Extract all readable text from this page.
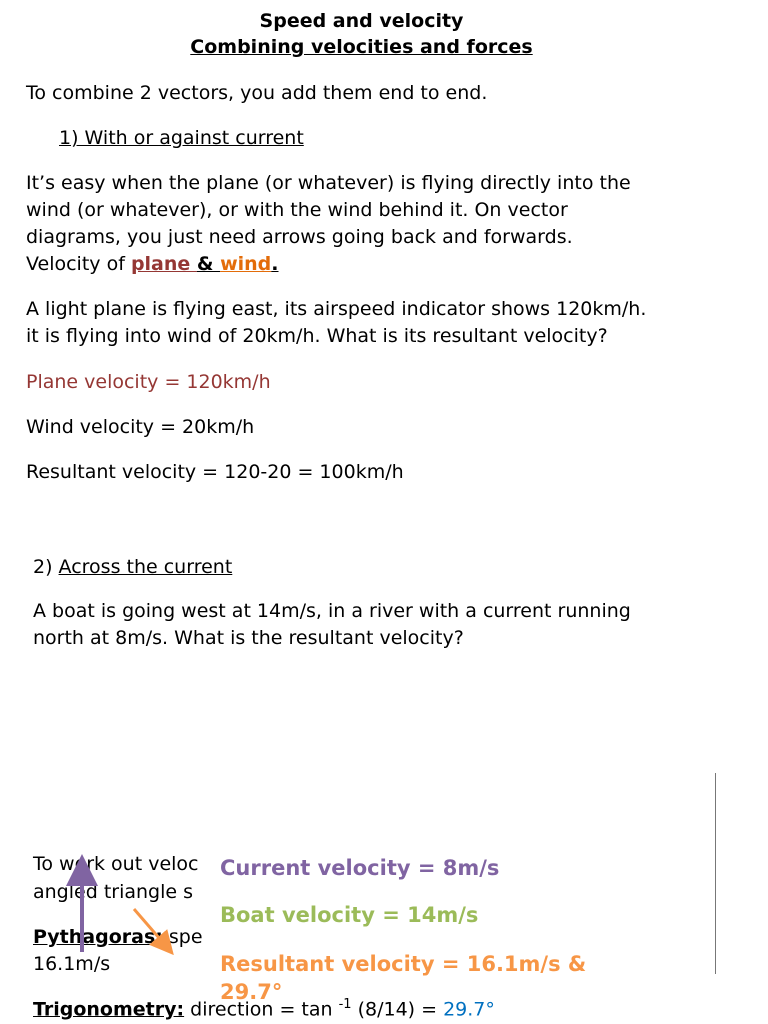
Speed and velocity
Combining velocities and forces
To combine 2 vectors, you add them end to end.
1) With or against current
It’s easy when the plane (or whatever) is flying directly into the
wind (or whatever), or with the wind behind it. On vector
diagrams, you just need arrows going back and forwards.
Velocity of plane & wind.
A light plane is flying east, its airspeed indicator shows 120km/h.
it is flying into wind of 20km/h. What is its resultant velocity?
Plane velocity = 120km/h
Wind velocity = 20km/h
Resultant velocity = 120-20 = 100km/h
2) Across the current
A boat is going west at 14m/s, in a river with a current running
north at 8m/s. What is the resultant velocity?
To work out veloc
angled triangle s
Pythagoras: spe
16.1m/s
Trigonometry: direction = tan $^{-1}$ (8/14) = 29.7°
Current velocity = 8m/s
Boat velocity = 14m/s
Resultant velocity = 16.1m/s &
29.7°
